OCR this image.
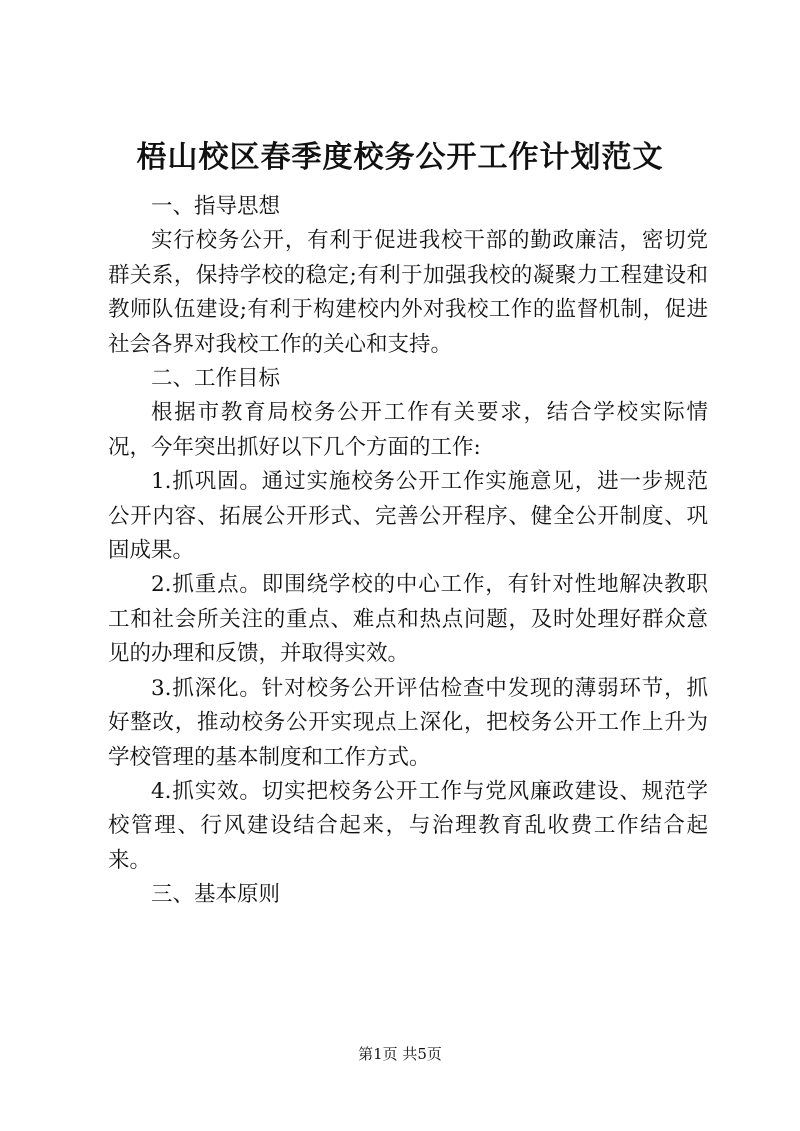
梧山校区春季度校务公开工作计划范文

一、指导思想

实行校务公开，有利于促进我校干部的勤政廉洁，密切党群关系，保持学校的稳定;有利于加强我校的凝聚力工程建设和教师队伍建设;有利于构建校内外对我校工作的监督机制，促进社会各界对我校工作的关心和支持。

二、工作目标

根据市教育局校务公开工作有关要求，结合学校实际情况，今年突出抓好以下几个方面的工作:

1.抓巩固。通过实施校务公开工作实施意见，进一步规范公开内容、拓展公开形式、完善公开程序、健全公开制度、巩固成果。

2.抓重点。即围绕学校的中心工作，有针对性地解决教职工和社会所关注的重点、难点和热点问题，及时处理好群众意见的办理和反馈，并取得实效。

3.抓深化。针对校务公开评估检查中发现的薄弱环节，抓好整改，推动校务公开实现点上深化，把校务公开工作上升为学校管理的基本制度和工作方式。

4.抓实效。切实把校务公开工作与党风廉政建设、规范学校管理、行风建设结合起来，与治理教育乱收费工作结合起来。

三、基本原则

第1页 共5页
